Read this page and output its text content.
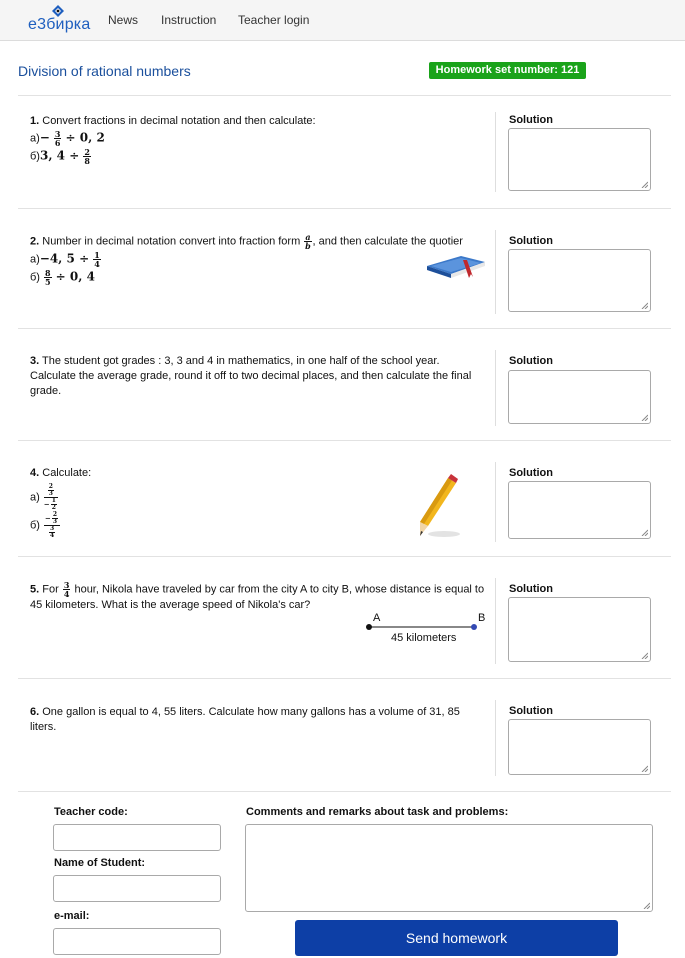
е3бирка News Instruction Teacher login
Division of rational numbers	Homework set number: 121
1. Convert fractions in decimal notation and then calculate:
$а)- \frac{3}{6} \div 0$, 2
б)3, $4 \div \frac{2}{8}$
Solution
2. Number in decimal notation convert into fraction form $\frac{a}{b}$ , and then calculate the quotier
а)−4, $5 \div \frac{1}{4}$
$б) \frac{8}{5} \div 0$, 4
Solution
3. The student got grades : 3, 3 and 4 in mathematics, in one half of the school year. Calculate the average grade, round it off to two decimal places, and then calculate the final grade.
Solution
4. Calculate:
$а) \frac{\frac{2}{3}}{- \frac{1}{2}}$
$б) \frac{- \frac{2}{3}}{\frac{3}{4}}$
Solution
5. For $\frac{3}{4}$ hour, Nikola have traveled by car from the city A to city B, whose distance is equal to 45 kilometers. What is the average speed of Nikola's car?
A	B
45 kilometers
Solution
6. One gallon is equal to 4, 55 liters. Calculate how many gallons has a volume of 31, 85 liters.
Solution
Teacher code:
Name of Student:
e-mail:
Comments and remarks about task and problems:
Send homework
